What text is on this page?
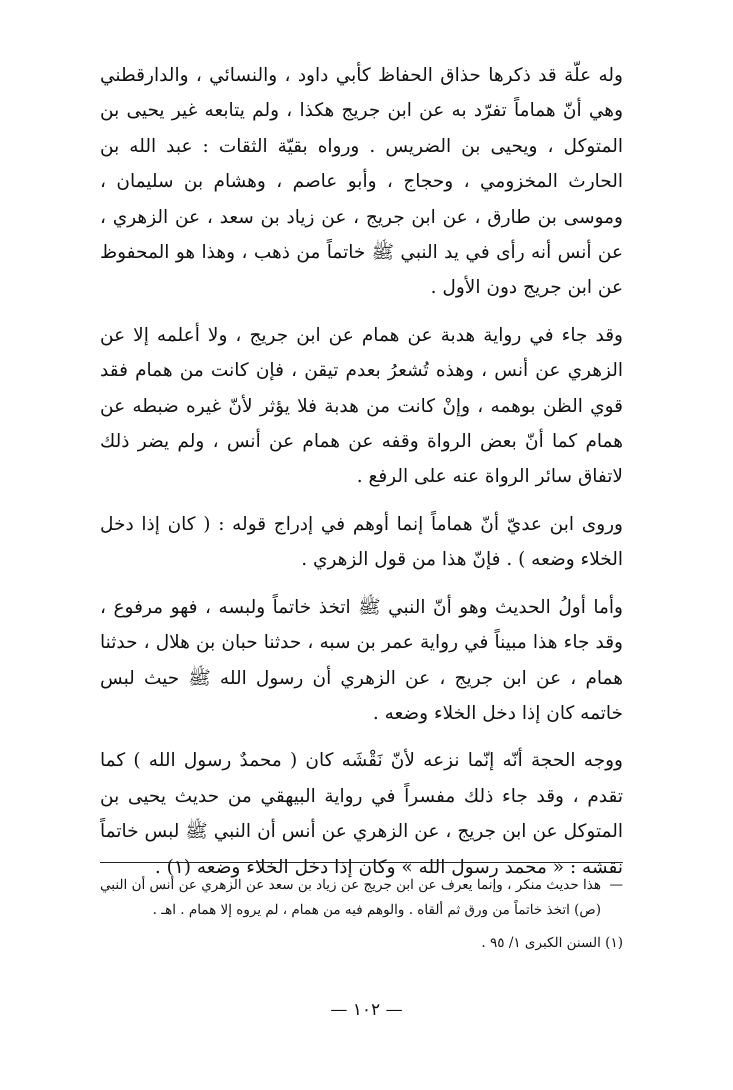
وله علّة قد ذكرها حذاق الحفاظ كأبي داود ، والنسائي ، والدارقطني وهي أنّ هماماً تفرّد به عن ابن جريج هكذا ، ولم يتابعه غير يحيى بن المتوكل ، ويحيى بن الضريس . ورواه بقيّة الثقات : عبد الله بن الحارث المخزومي ، وحجاج ، وأبو عاصم ، وهشام بن سليمان ، وموسى بن طارق ، عن ابن جريج ، عن زياد بن سعد ، عن الزهري ، عن أنس أنه رأى في يد النبي ﷺ خاتماً من ذهب ، وهذا هو المحفوظ عن ابن جريج دون الأول .

وقد جاء في رواية هدبة عن همام عن ابن جريج ، ولا أعلمه إلا عن الزهري عن أنس ، وهذه تُشعرُ بعدم تيقن ، فإن كانت من همام فقد قوي الظن بوهمه ، وإنْ كانت من هدبة فلا يؤثر لأنّ غيره ضبطه عن همام كما أنّ بعض الرواة وقفه عن همام عن أنس ، ولم يضر ذلك لاتفاق سائر الرواة عنه على الرفع .

وروى ابن عديّ أنّ هماماً إنما أوهم في إدراج قوله : ( كان إذا دخل الخلاء وضعه ) . فإنّ هذا من قول الزهري .

وأما أولُ الحديث وهو أنّ النبي ﷺ اتخذ خاتماً ولبسه ، فهو مرفوع ، وقد جاء هذا مبيناً في رواية عمر بن سبه ، حدثنا حبان بن هلال ، حدثنا همام ، عن ابن جريج ، عن الزهري أن رسول الله ﷺ حيث لبس خاتمه كان إذا دخل الخلاء وضعه .

ووجه الحجة أنّه إنّما نزعه لأنّ نَقْشَه كان ( محمدٌ رسول الله ) كما تقدم ، وقد جاء ذلك مفسراً في رواية البيهقي من حديث يحيى بن المتوكل عن ابن جريج ، عن الزهري عن أنس أن النبي ﷺ لبس خاتماً نقشه : « محمد رسول الله » وكان إذا دخل الخلاء وضعه (١) .

—
هذا حديث منكر ، وإنما يعرف عن ابن جريج عن زياد بن سعد عن الزهري عن أنس أن النبي (ص) اتخذ خاتماً من ورق ثم ألقاه . والوهم فيه من همام ، لم يروه إلا همام . اهـ .

(١) السنن الكبرى ١/ ٩٥ .

— ١٠٢ —
